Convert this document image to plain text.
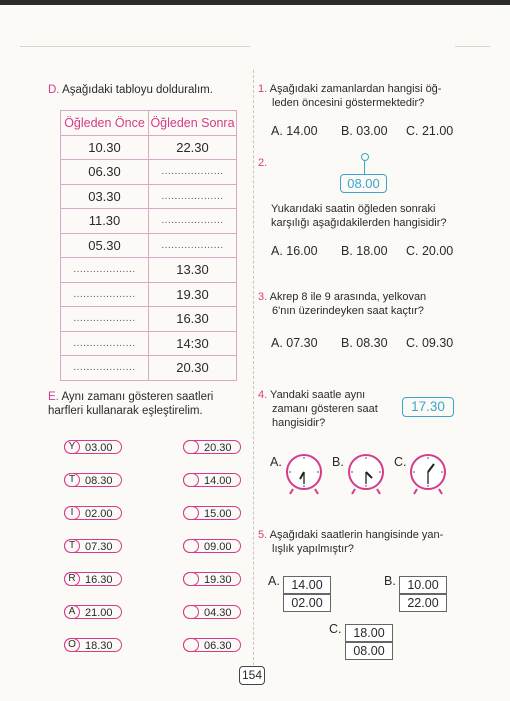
D. Aşağıdaki tabloyu dolduralım.
Öğleden Önce	Öğleden Sonra
10.30	22.30
06.30	...................
03.30	...................
11.30	...................
05.30	...................
...................	13.30
...................	19.30
...................	16.30
...................	14:30
...................	20.30
E. Aynı zamanı gösteren saatleri
harfleri kullanarak eşleştirelim.
Y 03.00
T 08.30
İ	02.00
T 07.30
R 16.30
A 21.00
O 18.30
20.30
14.00
15.00
09.00
19.30
04.30
06.30
1. Aşağıdaki zamanlardan hangisi öğ-
leden öncesini göstermektedir?
A. 14.00 B. 03.00 C. 21.00
2.
08.00
Yukarıdaki saatin öğleden sonraki
karşılığı aşağıdakilerden hangisidir?
A. 16.00 B. 18.00 C. 20.00
3. Akrep 8 ile 9 arasında, yelkovan
6'nın üzerindeyken saat kaçtır?
A. 07.30 B. 08.30 C. 09.30
4. Yandaki saatle aynı
zamanı gösteren saat
hangisidir?
17.30
A.	B.	C.
5. Aşağıdaki saatlerin hangisinde yan-
lışlık yapılmıştır?
A. 14.00
02.00
B. 10.00
22.00
C. 18.00
08.00
154
